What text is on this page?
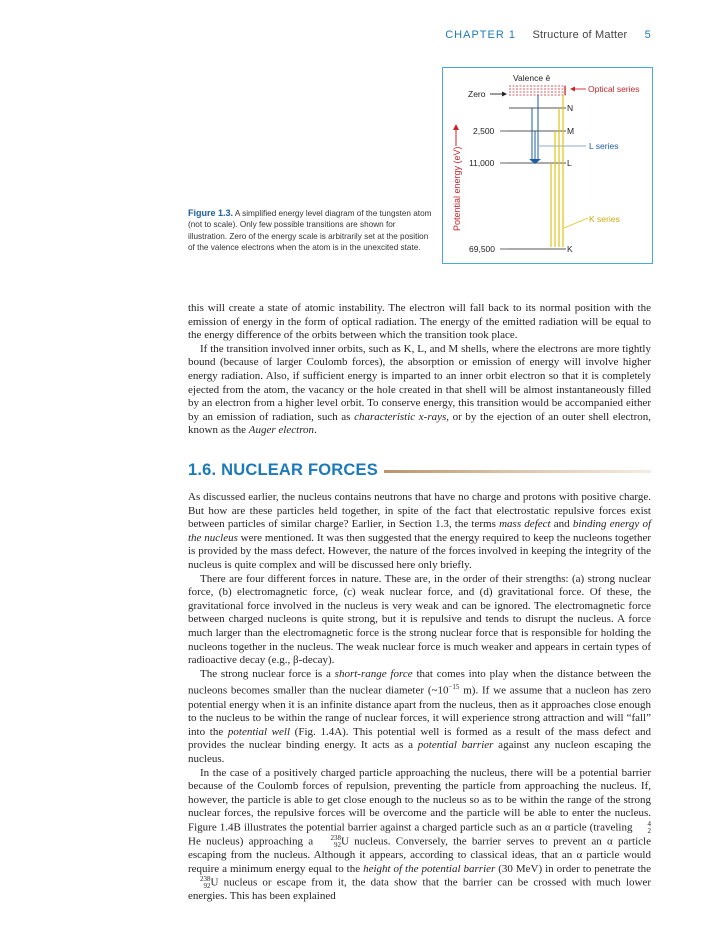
CHAPTER 1 Structure of Matter 5
Figure 1.3. A simplified energy level diagram of the tungsten atom (not to scale). Only few possible transitions are shown for illustration. Zero of the energy scale is arbitrarily set at the position of the valence electrons when the atom is in the unexcited state.
Potential energy (eV)
Valence ē
Zero	Optical series
N
2,500	M
11,000	L
69,500	K
L series
K series

this will create a state of atomic instability. The electron will fall back to its normal position with the emission of energy in the form of optical radiation. The energy of the emitted radiation will be equal to the energy difference of the orbits between which the transition took place.

If the transition involved inner orbits, such as K, L, and M shells, where the electrons are more tightly bound (because of larger Coulomb forces), the absorption or emission of energy will involve higher energy radiation. Also, if sufficient energy is imparted to an inner orbit electron so that it is completely ejected from the atom, the vacancy or the hole created in that shell will be almost instantaneously filled by an electron from a higher level orbit. To conserve energy, this transition would be accompanied either by an emission of radiation, such as characteristic x-rays, or by the ejection of an outer shell electron, known as the Auger electron.

1.6. NUCLEAR FORCES

As discussed earlier, the nucleus contains neutrons that have no charge and protons with positive charge. But how are these particles held together, in spite of the fact that electrostatic repulsive forces exist between particles of similar charge? Earlier, in Section 1.3, the terms mass defect and binding energy of the nucleus were mentioned. It was then suggested that the energy required to keep the nucleons together is provided by the mass defect. However, the nature of the forces involved in keeping the integrity of the nucleus is quite complex and will be discussed here only briefly.

There are four different forces in nature. These are, in the order of their strengths: (a) strong nuclear force, (b) electromagnetic force, (c) weak nuclear force, and (d) gravitational force. Of these, the gravitational force involved in the nucleus is very weak and can be ignored. The electromagnetic force between charged nucleons is quite strong, but it is repulsive and tends to disrupt the nucleus. A force much larger than the electromagnetic force is the strong nuclear force that is responsible for holding the nucleons together in the nucleus. The weak nuclear force is much weaker and appears in certain types of radioactive decay (e.g., β-decay).

The strong nuclear force is a short-range force that comes into play when the distance between the nucleons becomes smaller than the nuclear diameter ($\sim 10^{-15}$ m). If we assume that a nucleon has zero potential energy when it is an infinite distance apart from the nucleus, then as it approaches close enough to the nucleus to be within the range of nuclear forces, it will experience strong attraction and will “fall” into the potential well (Fig. 1.4A). This potential well is formed as a result of the mass defect and provides the nuclear binding energy. It acts as a potential barrier against any nucleon escaping the nucleus.

In the case of a positively charged particle approaching the nucleus, there will be a potential barrier because of the Coulomb forces of repulsion, preventing the particle from approaching the nucleus. If, however, the particle is able to get close enough to the nucleus so as to be within the range of the strong nuclear forces, the repulsive forces will be overcome and the particle will be able to enter the nucleus. Figure 1.4B illustrates the potential barrier against a charged particle such as an α particle (traveling	4
2
He nucleus) approaching a	238
92 U nucleus. Conversely, the barrier serves to prevent an α particle escaping from the nucleus. Although it appears, according to classical ideas, that an α particle would require a minimum energy equal to the height of the potential barrier (30 MeV) in order to penetrate the
238
92 U nucleus or escape from it, the data show that the barrier can be crossed with much lower energies. This has been explained
